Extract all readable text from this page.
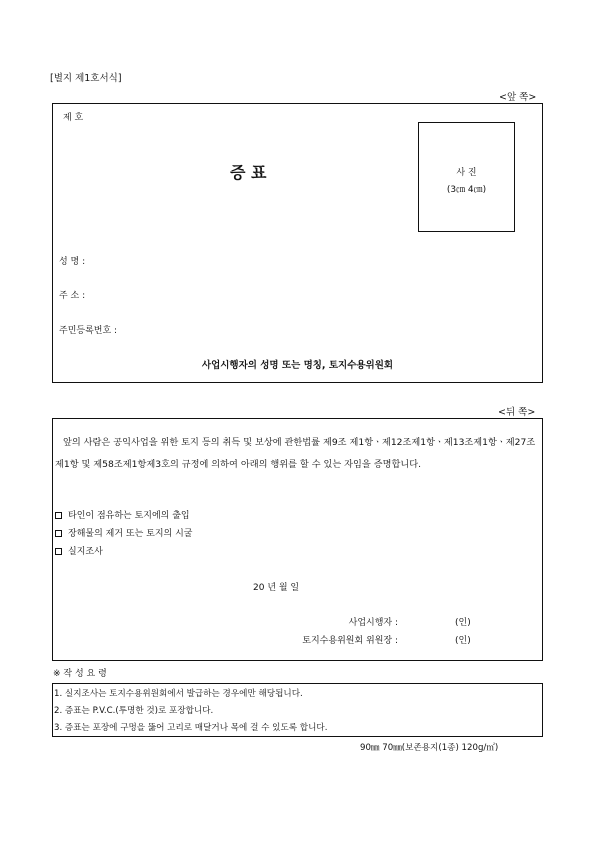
[별지 제1호서식]
<앞 쪽>
제 호
증 표	사 진
(3㎝ 4㎝)
성 명 :
주 소 :
주민등록번호 :
사업시행자의 성명 또는 명칭, 토지수용위원회
<뒤 쪽>
앞의 사람은 공익사업을 위한 토지 등의 취득 및 보상에 관한법률 제9조 제1항ㆍ제12조제1항ㆍ제13조제1항ㆍ제27조제1항 및 제58조제1항제3호의 규정에 의하여 아래의 행위를 할 수 있는 자임을 증명합니다.
타인이 점유하는 토지에의 출입
장해물의 제거 또는 토지의 시굴
실지조사
20 년 월 일
사업시행자 :	(인)
토지수용위원회 위원장 :	(인)
※ 작 성 요 령
1. 실지조사는 토지수용위원회에서 발급하는 경우에만 해당됩니다.
2. 증표는 P.V.C.(투명한 것)로 포장합니다.
3. 증표는 포장에 구멍을 뚫어 고리로 매달거나 목에 걸 수 있도록 합니다.
90㎜ 70㎜(보존용지(1종) 120g/㎡)
